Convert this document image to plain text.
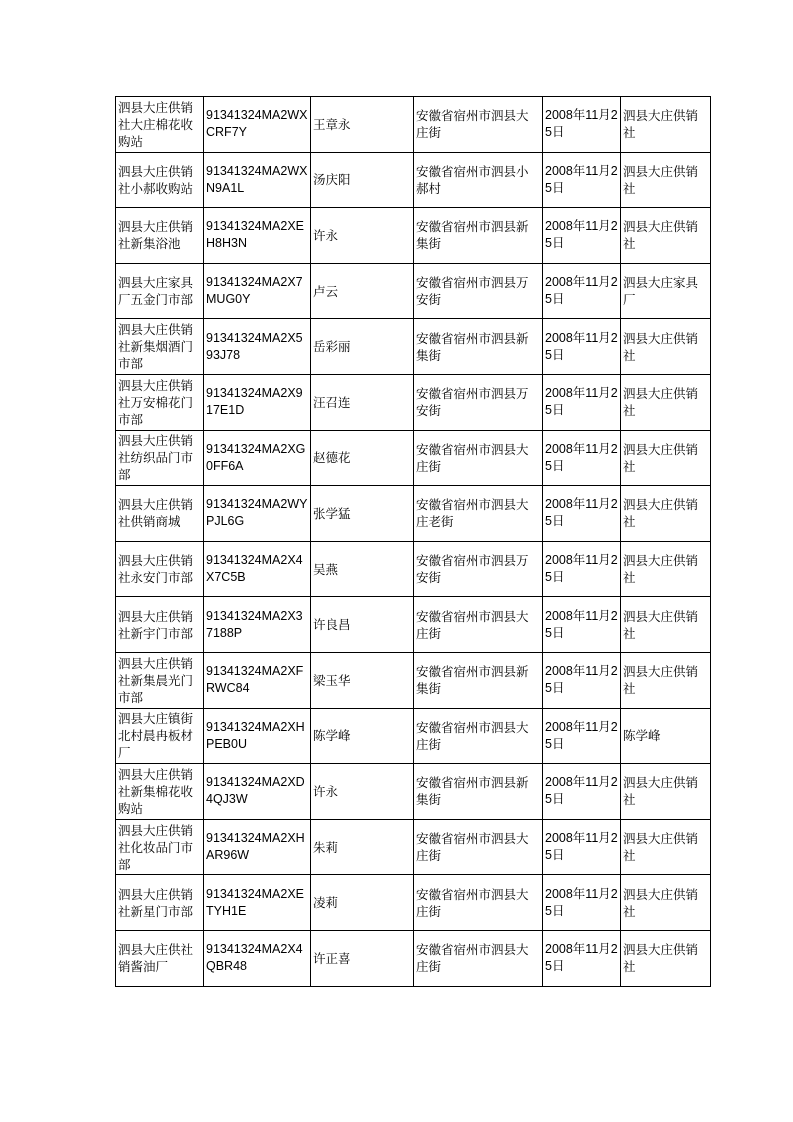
泗县大庄供销社大庄棉花收购站	91341324MA2WXCRF7Y	王章永	安徽省宿州市泗县大庄街	2008年11月25日	泗县大庄供销社
泗县大庄供销社小郝收购站	91341324MA2WXN9A1L	汤庆阳	安徽省宿州市泗县小郝村	2008年11月25日	泗县大庄供销社
泗县大庄供销社新集浴池	91341324MA2XEH8H3N	许永	安徽省宿州市泗县新集街	2008年11月25日	泗县大庄供销社
泗县大庄家具厂五金门市部	91341324MA2X7MUG0Y	卢云	安徽省宿州市泗县万安街	2008年11月25日	泗县大庄家具厂
泗县大庄供销社新集烟酒门市部	91341324MA2X593J78	岳彩丽	安徽省宿州市泗县新集街	2008年11月25日	泗县大庄供销社
泗县大庄供销社万安棉花门市部	91341324MA2X917E1D	汪召连	安徽省宿州市泗县万安街	2008年11月25日	泗县大庄供销社
泗县大庄供销社纺织品门市部	91341324MA2XG0FF6A	赵德花	安徽省宿州市泗县大庄街	2008年11月25日	泗县大庄供销社
泗县大庄供销社供销商城	91341324MA2WYPJL6G	张学猛	安徽省宿州市泗县大庄老街	2008年11月25日	泗县大庄供销社
泗县大庄供销社永安门市部	91341324MA2X4X7C5B	吴燕	安徽省宿州市泗县万安街	2008年11月25日	泗县大庄供销社
泗县大庄供销社新宇门市部	91341324MA2X37188P	许良昌	安徽省宿州市泗县大庄街	2008年11月25日	泗县大庄供销社
泗县大庄供销社新集晨光门市部	91341324MA2XFRWC84	梁玉华	安徽省宿州市泗县新集街	2008年11月25日	泗县大庄供销社
泗县大庄镇街北村晨冉板材厂	91341324MA2XHPEB0U	陈学峰	安徽省宿州市泗县大庄街	2008年11月25日	陈学峰
泗县大庄供销社新集棉花收购站	91341324MA2XD4QJ3W	许永	安徽省宿州市泗县新集街	2008年11月25日	泗县大庄供销社
泗县大庄供销社化妆品门市部	91341324MA2XHAR96W	朱莉	安徽省宿州市泗县大庄街	2008年11月25日	泗县大庄供销社
泗县大庄供销社新星门市部	91341324MA2XETYH1E	凌莉	安徽省宿州市泗县大庄街	2008年11月25日	泗县大庄供销社
泗县大庄供社销酱油厂	91341324MA2X4QBR48	许正喜	安徽省宿州市泗县大庄街	2008年11月25日	泗县大庄供销社
